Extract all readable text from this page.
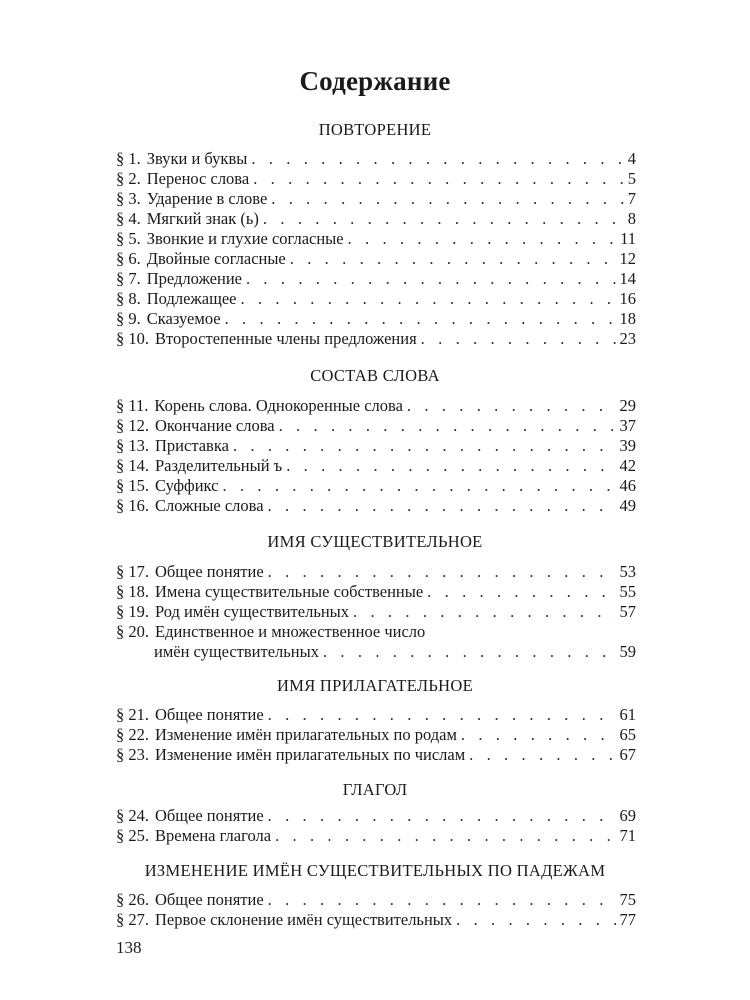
Содержание
ПОВТОРЕНИЕ
§ 1. Звуки и буквы . . .	4
§ 2. Перенос слова . . .	5
§ 3. Ударение в слове . . .	7
§ 4. Мягкий знак (ь) . . .	8
§ 5. Звонкие и глухие согласные . . .	11
§ 6. Двойные согласные . . .	12
§ 7. Предложение . . .	14
§ 8. Подлежащее . . .	16
§ 9. Сказуемое . . .	18
§ 10. Второстепенные члены предложения . . .	23
СОСТАВ СЛОВА
§ 11. Корень слова. Однокоренные слова . . .	29
§ 12. Окончание слова . . .	37
§ 13. Приставка . . .	39
§ 14. Разделительный ъ . . .	42
§ 15. Суффикс . . .	46
§ 16. Сложные слова . . .	49
ИМЯ СУЩЕСТВИТЕЛЬНОЕ
§ 17. Общее понятие . . .	53
§ 18. Имена существительные собственные . . .	55
§ 19. Род имён существительных . . .	57
§ 20. Единственное и множественное число
имён существительных . . .	59
ИМЯ ПРИЛАГАТЕЛЬНОЕ
§ 21. Общее понятие . . .	61
§ 22. Изменение имён прилагательных по родам . . .	65
§ 23. Изменение имён прилагательных по числам . . .	67
ГЛАГОЛ
§ 24. Общее понятие . . .	69
§ 25. Времена глагола . . .	71
ИЗМЕНЕНИЕ ИМЁН СУЩЕСТВИТЕЛЬНЫХ ПО ПАДЕЖАМ
§ 26. Общее понятие . . .	75
§ 27. Первое склонение имён существительных . . .	77
138
